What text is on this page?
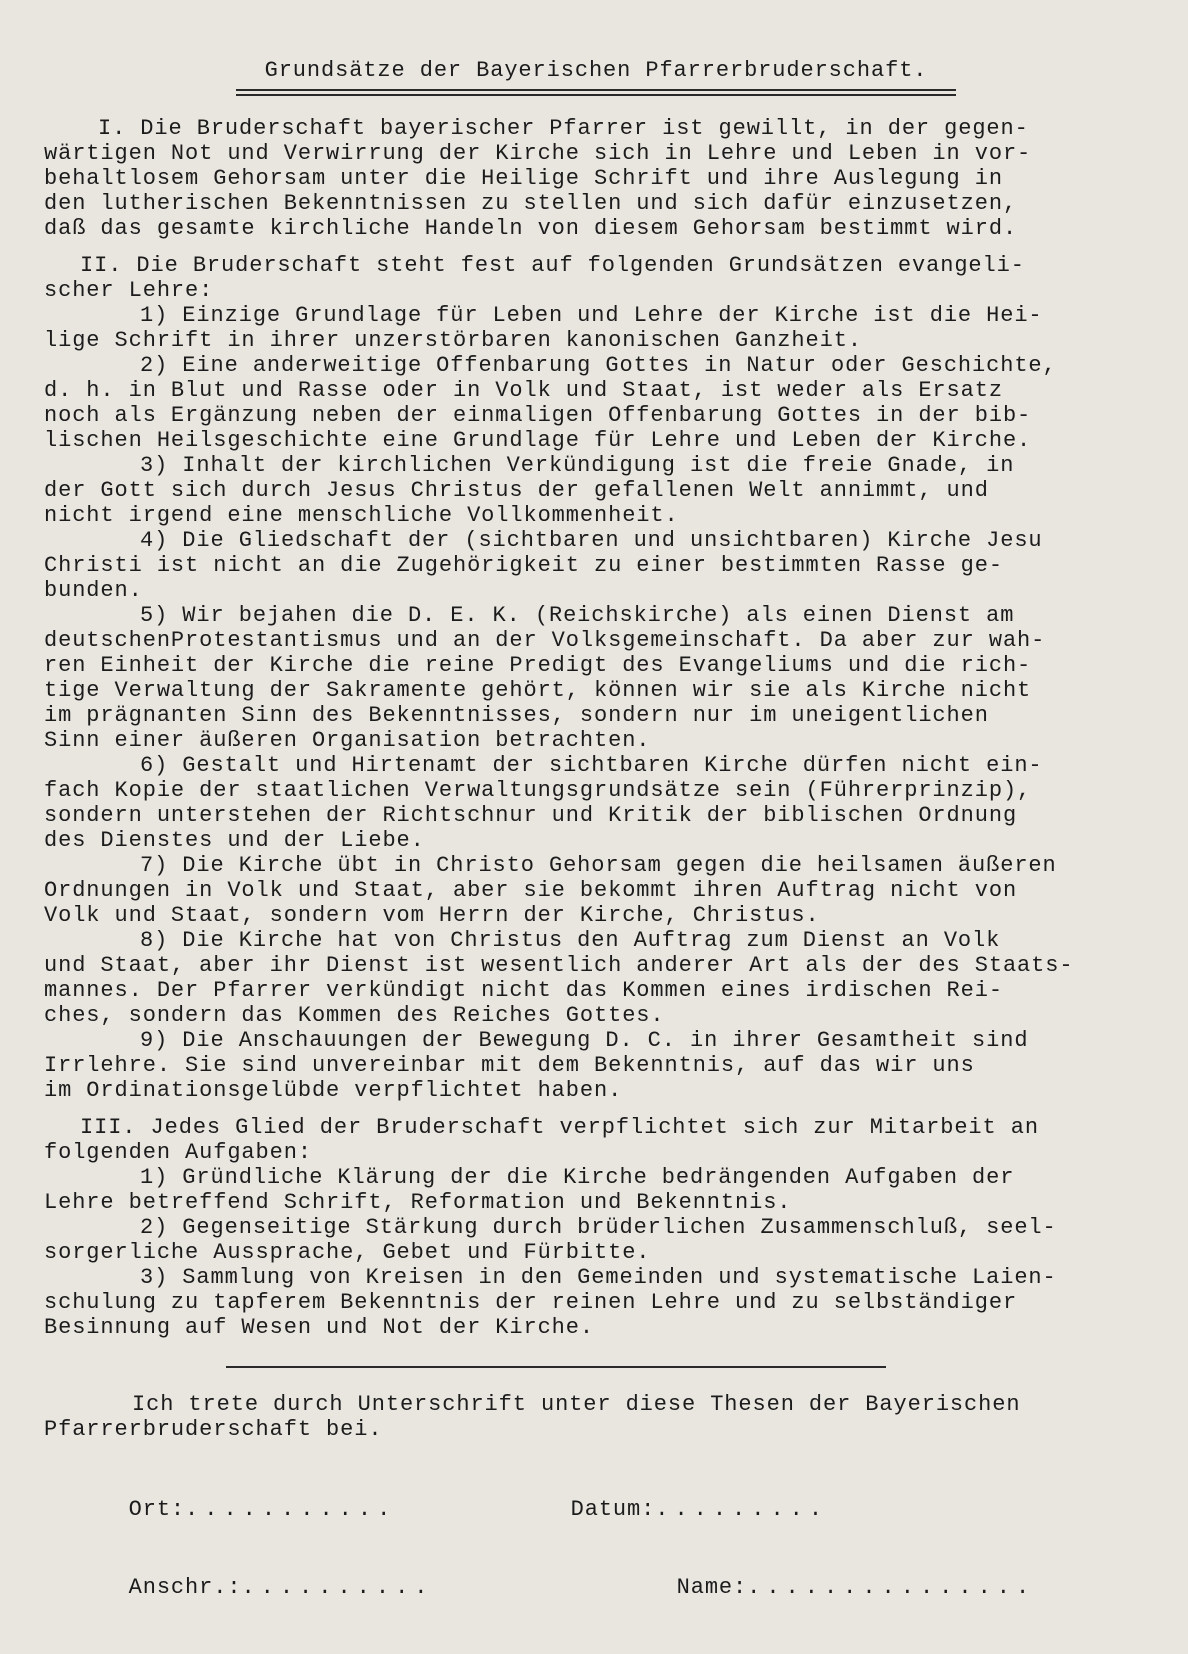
Grundsätze der Bayerischen Pfarrerbruderschaft.

I. Die Bruderschaft bayerischer Pfarrer ist gewillt, in der gegen-

wärtigen Not und Verwirrung der Kirche sich in Lehre und Leben in vor-

behaltlosem Gehorsam unter die Heilige Schrift und ihre Auslegung in

den lutherischen Bekenntnissen zu stellen und sich dafür einzusetzen,

daß das gesamte kirchliche Handeln von diesem Gehorsam bestimmt wird.

II. Die Bruderschaft steht fest auf folgenden Grundsätzen evangeli-

scher Lehre:

1) Einzige Grundlage für Leben und Lehre der Kirche ist die Hei-

lige Schrift in ihrer unzerstörbaren kanonischen Ganzheit.

2) Eine anderweitige Offenbarung Gottes in Natur oder Geschichte,

d. h. in Blut und Rasse oder in Volk und Staat, ist weder als Ersatz

noch als Ergänzung neben der einmaligen Offenbarung Gottes in der bib-

lischen Heilsgeschichte eine Grundlage für Lehre und Leben der Kirche.

3) Inhalt der kirchlichen Verkündigung ist die freie Gnade, in

der Gott sich durch Jesus Christus der gefallenen Welt annimmt, und

nicht irgend eine menschliche Vollkommenheit.

4) Die Gliedschaft der (sichtbaren und unsichtbaren) Kirche Jesu

Christi ist nicht an die Zugehörigkeit zu einer bestimmten Rasse ge-

bunden.

5) Wir bejahen die D. E. K. (Reichskirche) als einen Dienst am

deutschenProtestantismus und an der Volksgemeinschaft. Da aber zur wah-

ren Einheit der Kirche die reine Predigt des Evangeliums und die rich-

tige Verwaltung der Sakramente gehört, können wir sie als Kirche nicht

im prägnanten Sinn des Bekenntnisses, sondern nur im uneigentlichen

Sinn einer äußeren Organisation betrachten.

6) Gestalt und Hirtenamt der sichtbaren Kirche dürfen nicht ein-

fach Kopie der staatlichen Verwaltungsgrundsätze sein (Führerprinzip),

sondern unterstehen der Richtschnur und Kritik der biblischen Ordnung

des Dienstes und der Liebe.

7) Die Kirche übt in Christo Gehorsam gegen die heilsamen äußeren

Ordnungen in Volk und Staat, aber sie bekommt ihren Auftrag nicht von

Volk und Staat, sondern vom Herrn der Kirche, Christus.

8) Die Kirche hat von Christus den Auftrag zum Dienst an Volk

und Staat, aber ihr Dienst ist wesentlich anderer Art als der des Staats-

mannes. Der Pfarrer verkündigt nicht das Kommen eines irdischen Rei-

ches, sondern das Kommen des Reiches Gottes.

9) Die Anschauungen der Bewegung D. C. in ihrer Gesamtheit sind

Irrlehre. Sie sind unvereinbar mit dem Bekenntnis, auf das wir uns

im Ordinationsgelübde verpflichtet haben.

III. Jedes Glied der Bruderschaft verpflichtet sich zur Mitarbeit an

folgenden Aufgaben:

1) Gründliche Klärung der die Kirche bedrängenden Aufgaben der

Lehre betreffend Schrift, Reformation und Bekenntnis.

2) Gegenseitige Stärkung durch brüderlichen Zusammenschluß, seel-

sorgerliche Aussprache, Gebet und Fürbitte.

3) Sammlung von Kreisen in den Gemeinden und systematische Laien-

schulung zu tapferem Bekenntnis der reinen Lehre und zu selbständiger

Besinnung auf Wesen und Not der Kirche.

Ich trete durch Unterschrift unter diese Thesen der Bayerischen

Pfarrerbruderschaft bei.

Ort:...........
	Datum:.........

Anschr.:..........
	Name:...............
